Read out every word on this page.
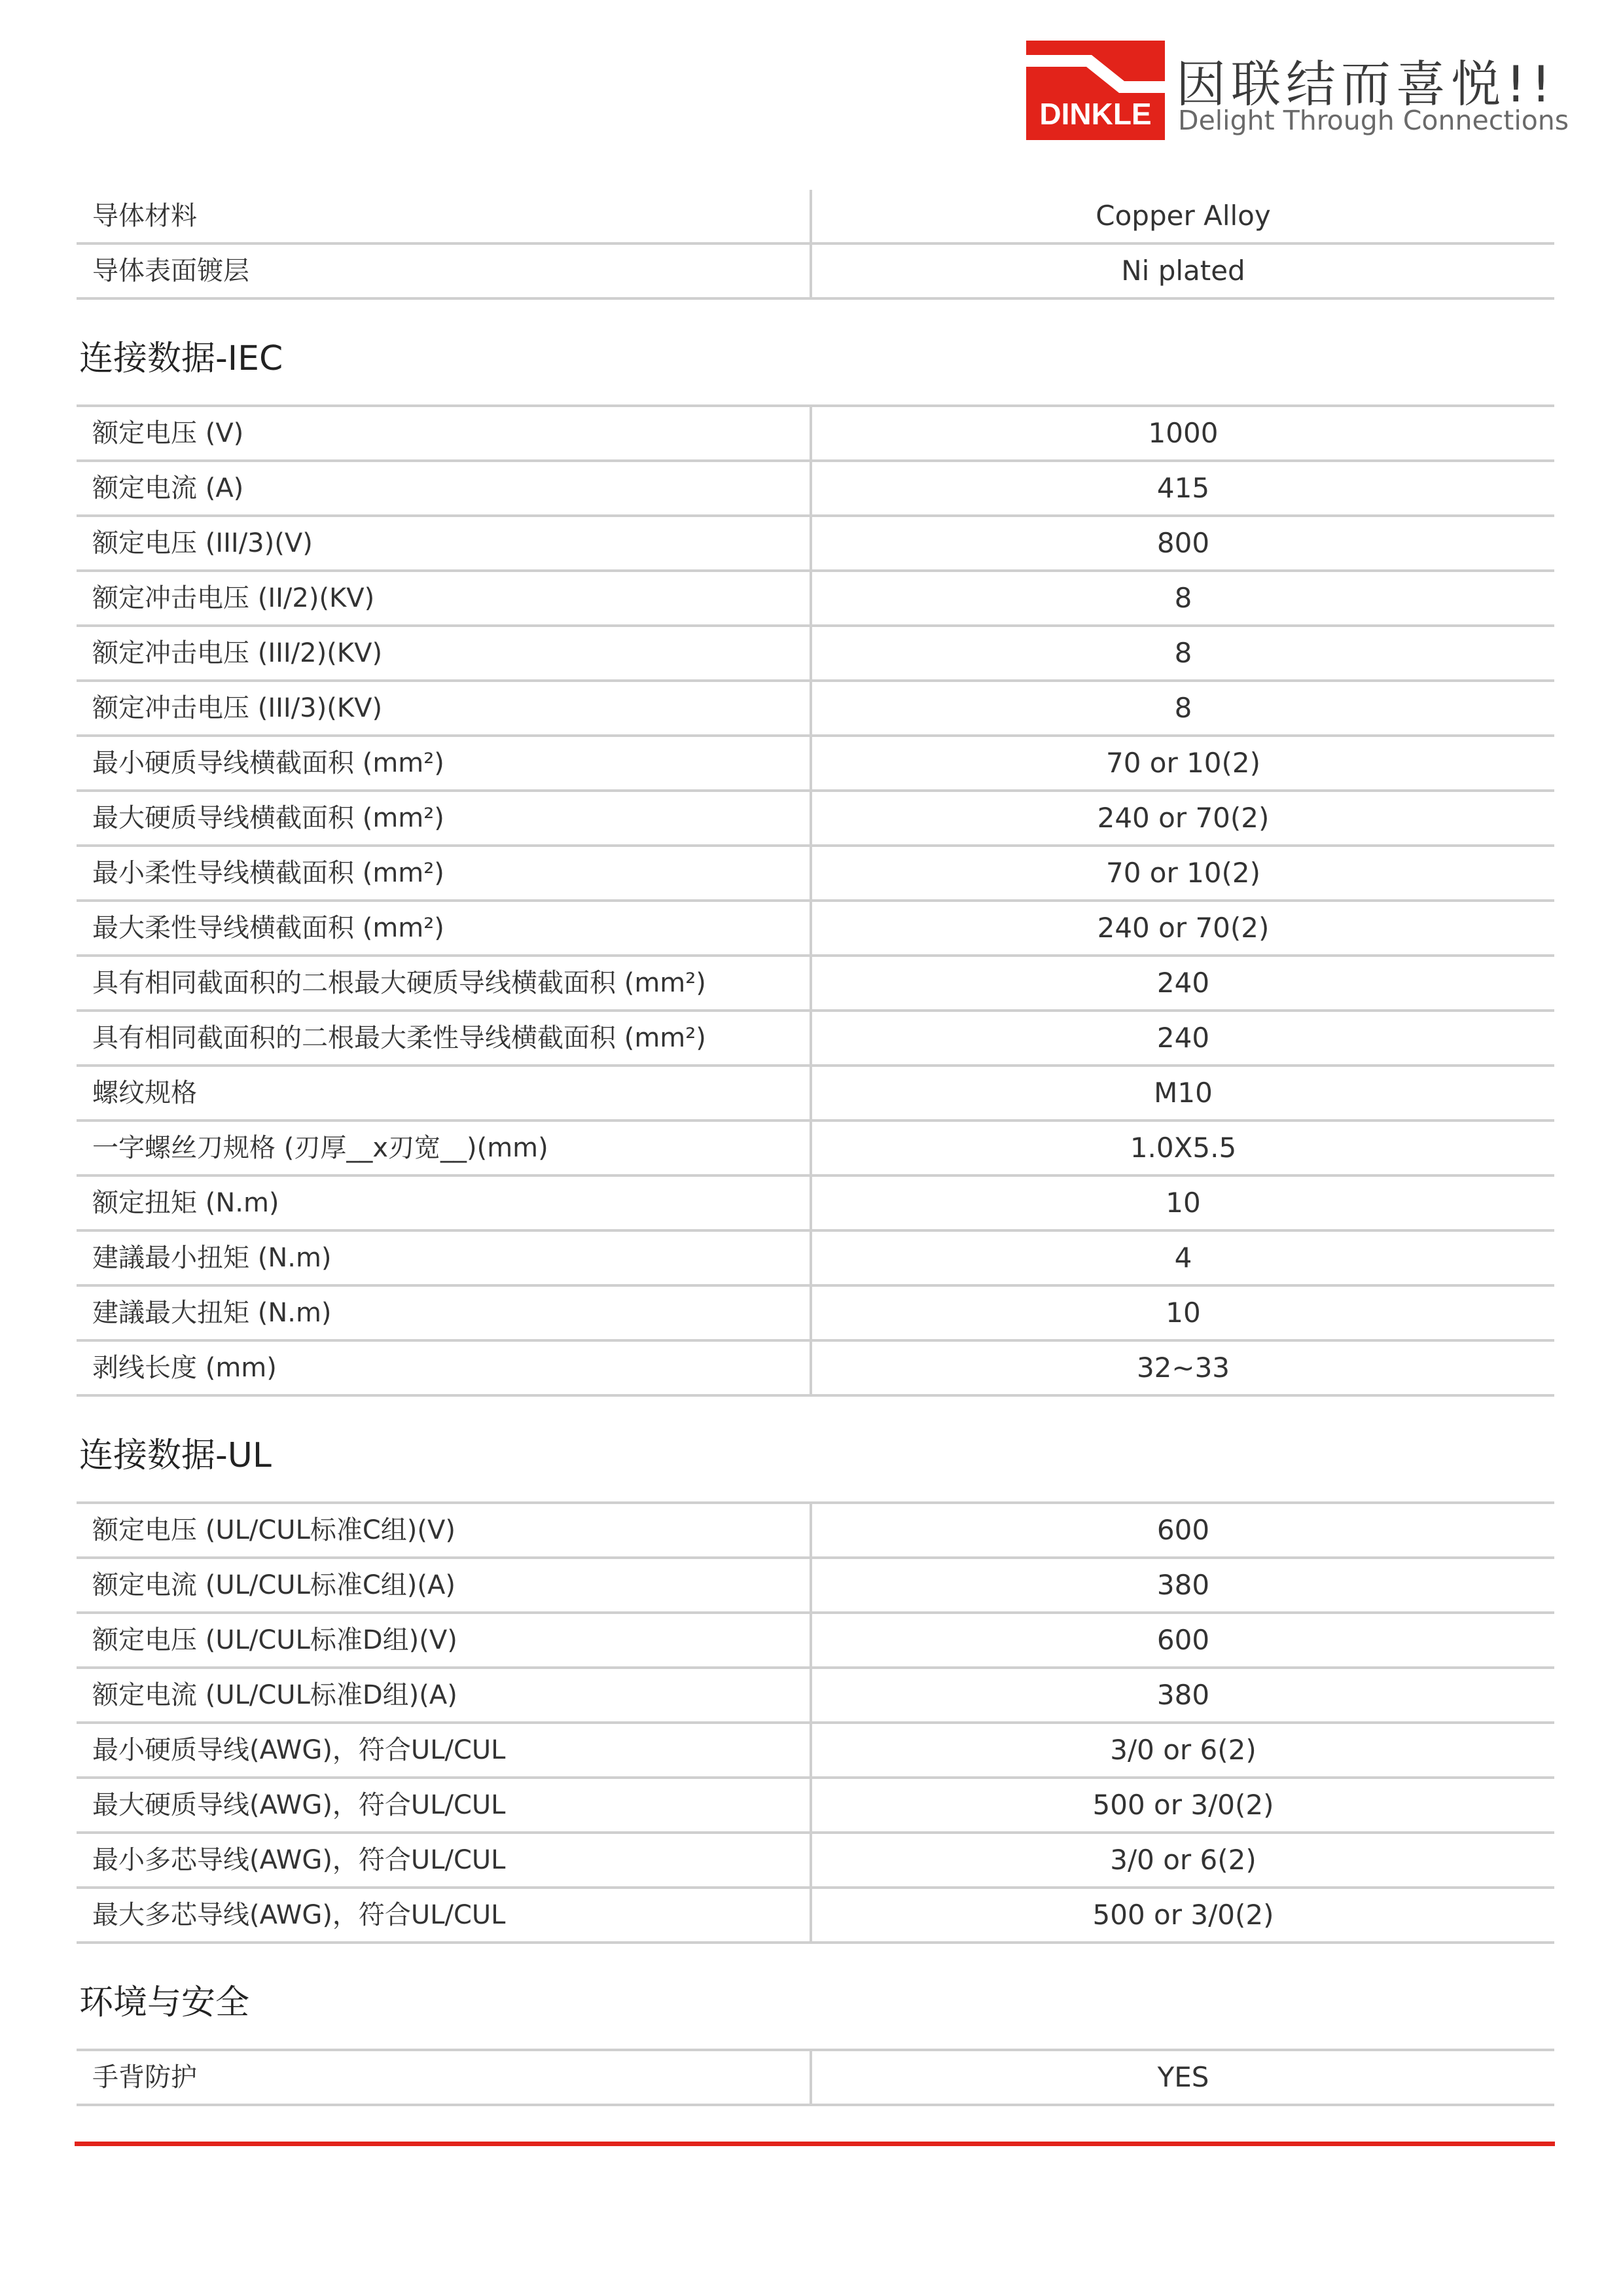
DINKLE
因联结而喜悦!!
Delight Through Connections
导体材料	Copper Alloy
导体表面镀层	Ni plated
连接数据-IEC
额定电压 (V)	1000
额定电流 (A)	415
额定电压 (III/3)(V)	800
额定冲击电压 (II/2)(KV)	8
额定冲击电压 (III/2)(KV)	8
额定冲击电压 (III/3)(KV)	8
最小硬质导线横截面积 (mm²)	70 or 10(2)
最大硬质导线横截面积 (mm²)	240 or 70(2)
最小柔性导线横截面积 (mm²)	70 or 10(2)
最大柔性导线横截面积 (mm²)	240 or 70(2)
具有相同截面积的二根最大硬质导线横截面积 (mm²)	240
具有相同截面积的二根最大柔性导线横截面积 (mm²)	240
螺纹规格	M10
一字螺丝刀规格 (刃厚__x刃宽__)(mm)	1.0X5.5
额定扭矩 (N.m)	10
建議最小扭矩 (N.m)	4
建議最大扭矩 (N.m)	10
剥线长度 (mm)	32~33
连接数据-UL
额定电压 (UL/CUL标准C组)(V)	600
额定电流 (UL/CUL标准C组)(A)	380
额定电压 (UL/CUL标准D组)(V)	600
额定电流 (UL/CUL标准D组)(A)	380
最小硬质导线(AWG)，符合UL/CUL	3/0 or 6(2)
最大硬质导线(AWG)，符合UL/CUL	500 or 3/0(2)
最小多芯导线(AWG)，符合UL/CUL	3/0 or 6(2)
最大多芯导线(AWG)，符合UL/CUL	500 or 3/0(2)
环境与安全
手背防护	YES
